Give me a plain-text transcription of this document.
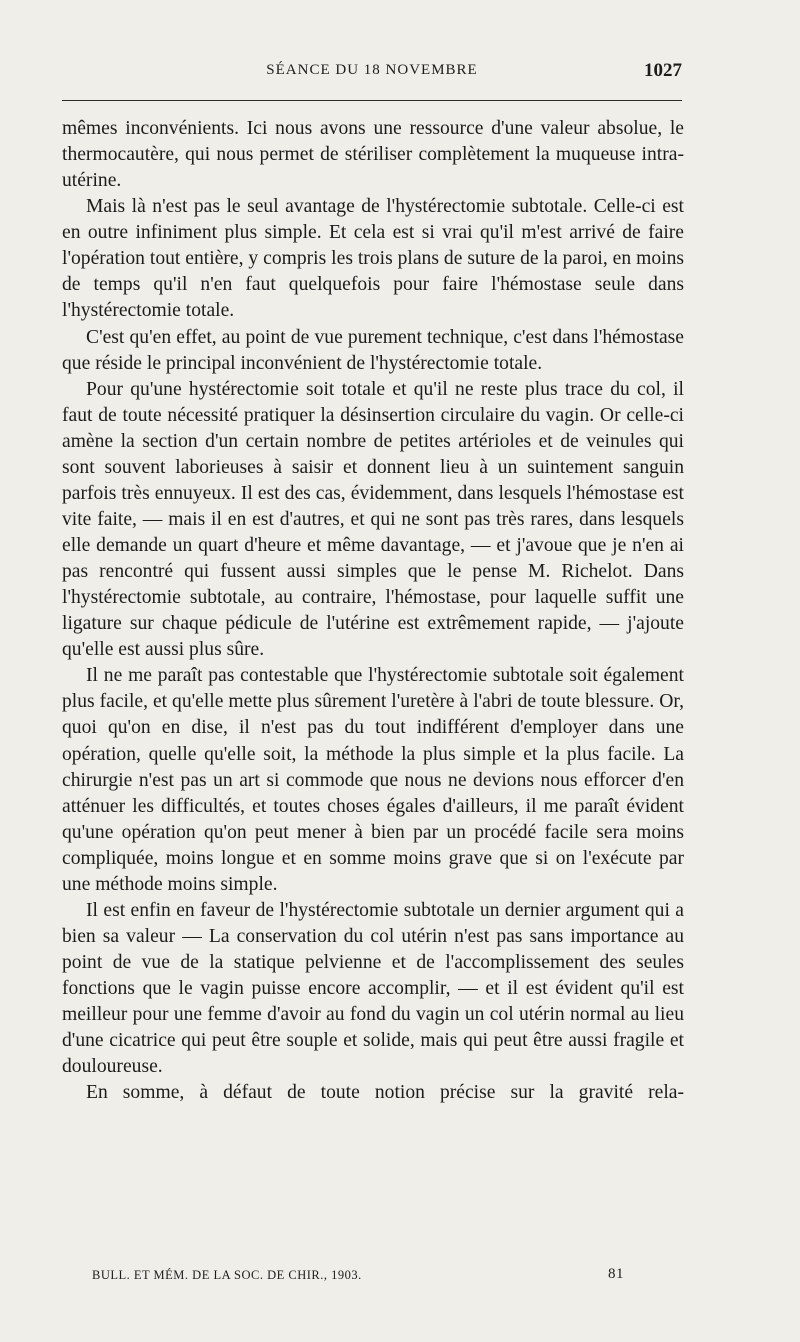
SÉANCE DU 18 NOVEMBRE	1027

mêmes inconvénients. Ici nous avons une ressource d'une valeur absolue, le thermocautère, qui nous permet de stériliser complètement la muqueuse intra-utérine.

Mais là n'est pas le seul avantage de l'hystérectomie subtotale. Celle-ci est en outre infiniment plus simple. Et cela est si vrai qu'il m'est arrivé de faire l'opération tout entière, y compris les trois plans de suture de la paroi, en moins de temps qu'il n'en faut quelquefois pour faire l'hémostase seule dans l'hystérectomie totale.

C'est qu'en effet, au point de vue purement technique, c'est dans l'hémostase que réside le principal inconvénient de l'hystérectomie totale.

Pour qu'une hystérectomie soit totale et qu'il ne reste plus trace du col, il faut de toute nécessité pratiquer la désinsertion circulaire du vagin. Or celle-ci amène la section d'un certain nombre de petites artérioles et de veinules qui sont souvent laborieuses à saisir et donnent lieu à un suintement sanguin parfois très ennuyeux. Il est des cas, évidemment, dans lesquels l'hémostase est vite faite, — mais il en est d'autres, et qui ne sont pas très rares, dans lesquels elle demande un quart d'heure et même davantage, — et j'avoue que je n'en ai pas rencontré qui fussent aussi simples que le pense M. Richelot. Dans l'hystérectomie subtotale, au contraire, l'hémostase, pour laquelle suffit une ligature sur chaque pédicule de l'utérine est extrêmement rapide, — j'ajoute qu'elle est aussi plus sûre.

Il ne me paraît pas contestable que l'hystérectomie subtotale soit également plus facile, et qu'elle mette plus sûrement l'uretère à l'abri de toute blessure. Or, quoi qu'on en dise, il n'est pas du tout indifférent d'employer dans une opération, quelle qu'elle soit, la méthode la plus simple et la plus facile. La chirurgie n'est pas un art si commode que nous ne devions nous efforcer d'en atténuer les difficultés, et toutes choses égales d'ailleurs, il me paraît évident qu'une opération qu'on peut mener à bien par un procédé facile sera moins compliquée, moins longue et en somme moins grave que si on l'exécute par une méthode moins simple.

Il est enfin en faveur de l'hystérectomie subtotale un dernier argument qui a bien sa valeur — La conservation du col utérin n'est pas sans importance au point de vue de la statique pelvienne et de l'accomplissement des seules fonctions que le vagin puisse encore accomplir, — et il est évident qu'il est meilleur pour une femme d'avoir au fond du vagin un col utérin normal au lieu d'une cicatrice qui peut être souple et solide, mais qui peut être aussi fragile et douloureuse.

En somme, à défaut de toute notion précise sur la gravité rela-

BULL. ET MÉM. DE LA SOC. DE CHIR., 1903.	81
